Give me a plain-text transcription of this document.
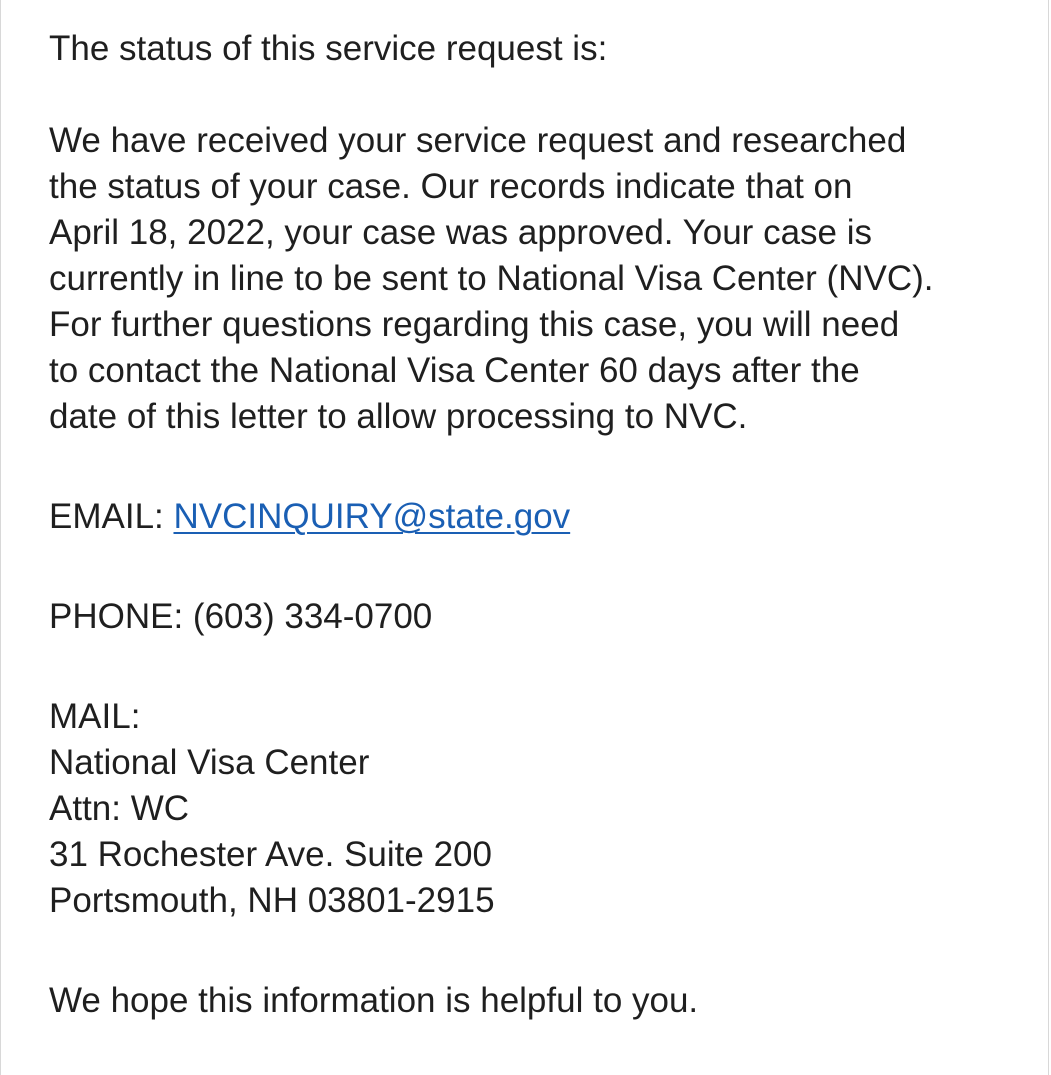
The status of this service request is:

We have received your service request and researched
the status of your case. Our records indicate that on
April 18, 2022, your case was approved. Your case is
currently in line to be sent to National Visa Center (NVC).
For further questions regarding this case, you will need
to contact the National Visa Center 60 days after the
date of this letter to allow processing to NVC.

EMAIL: NVCINQUIRY@state.gov

PHONE: (603) 334-0700

MAIL:
National Visa Center
Attn: WC
31 Rochester Ave. Suite 200
Portsmouth, NH 03801-2915

We hope this information is helpful to you.
